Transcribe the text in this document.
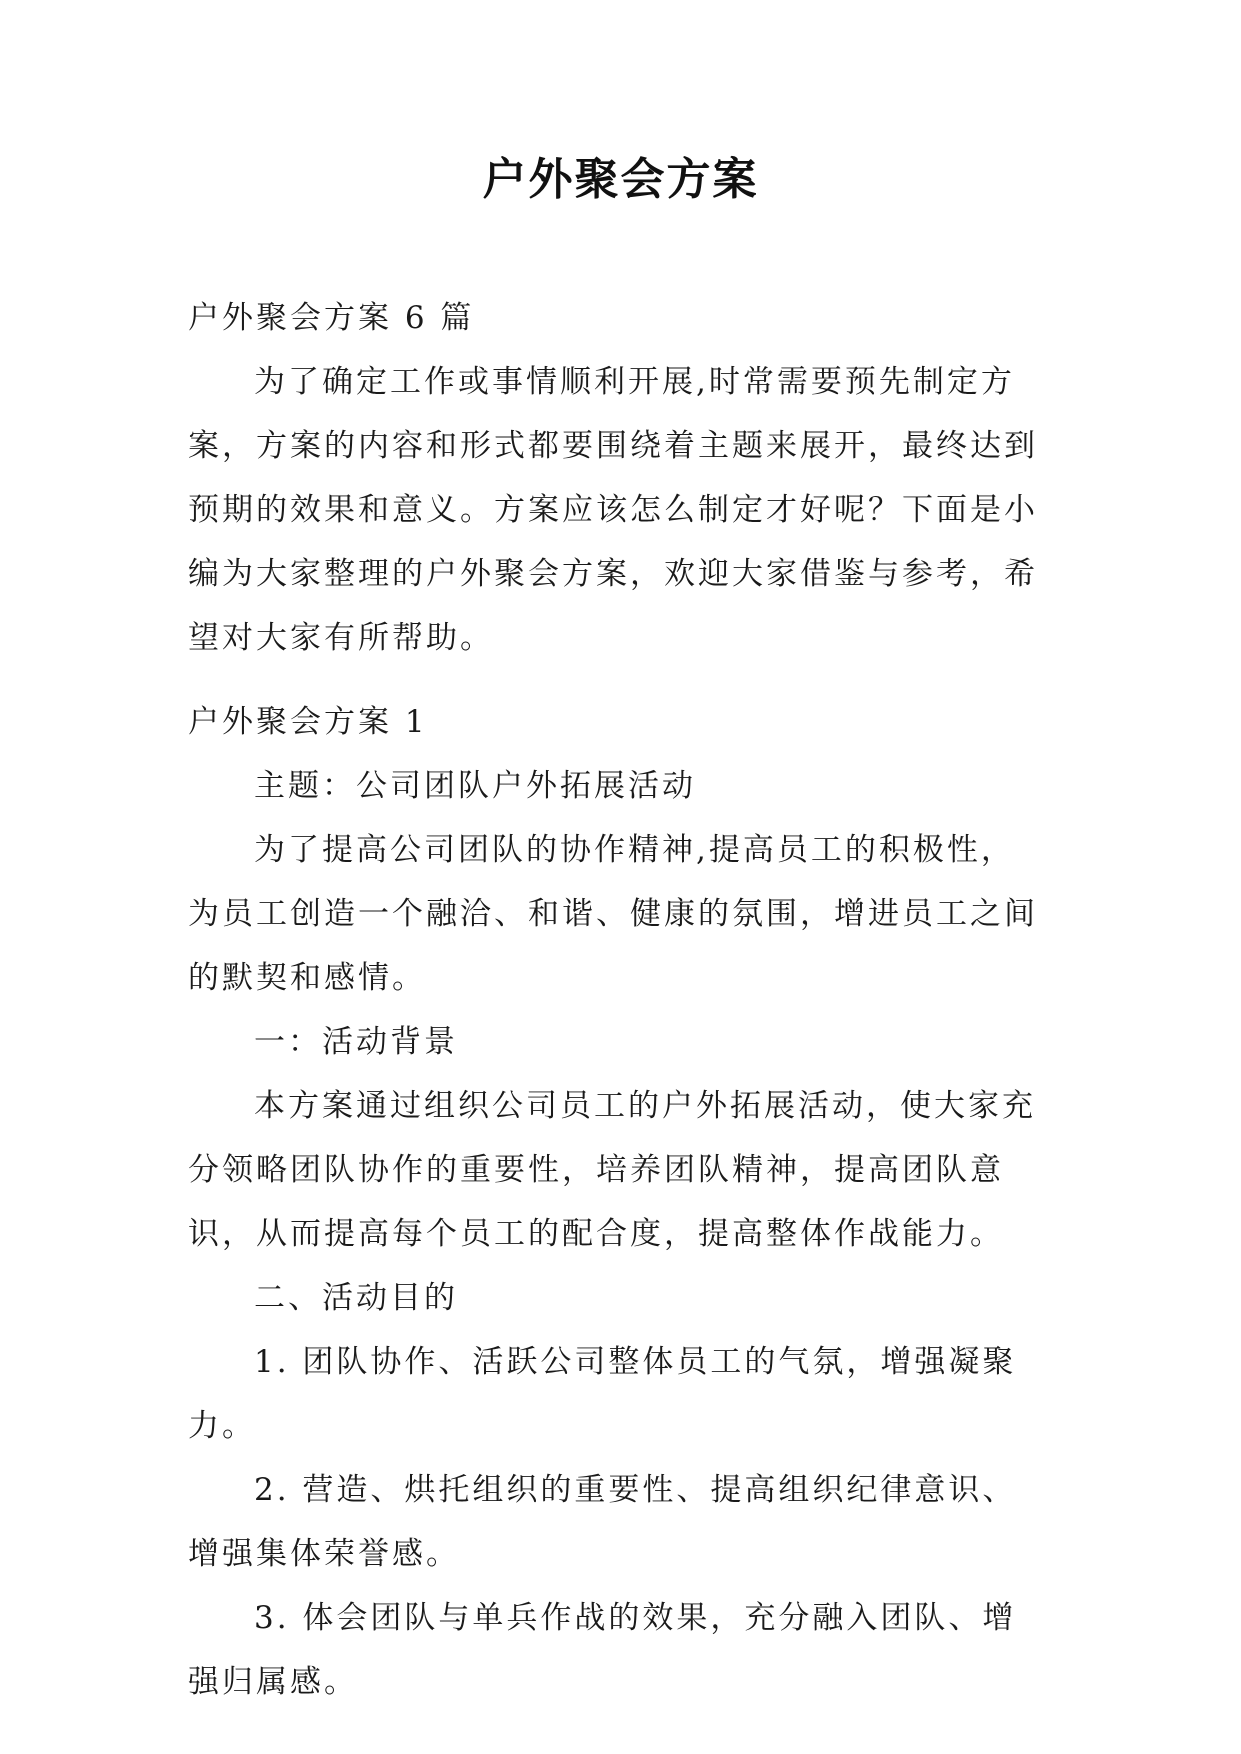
户外聚会方案

户外聚会方案 6 篇

为了确定工作或事情顺利开展,时常需要预先制定方案，方案的内容和形式都要围绕着主题来展开，最终达到预期的效果和意义。方案应该怎么制定才好呢？下面是小编为大家整理的户外聚会方案，欢迎大家借鉴与参考，希望对大家有所帮助。

户外聚会方案 1

主题：公司团队户外拓展活动

为了提高公司团队的协作精神,提高员工的积极性，为员工创造一个融洽、和谐、健康的氛围，增进员工之间的默契和感情。

一：活动背景

本方案通过组织公司员工的户外拓展活动，使大家充分领略团队协作的重要性，培养团队精神，提高团队意识，从而提高每个员工的配合度，提高整体作战能力。

二、活动目的

1. 团队协作、活跃公司整体员工的气氛，增强凝聚力。

2. 营造、烘托组织的重要性、提高组织纪律意识、增强集体荣誉感。

3. 体会团队与单兵作战的效果，充分融入团队、增强归属感。
